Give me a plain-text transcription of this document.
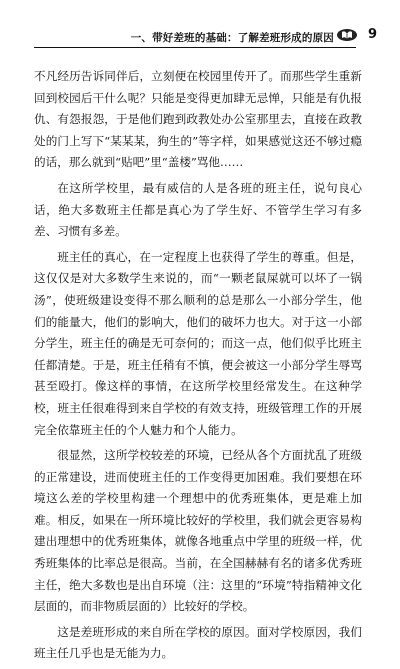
一、带好差班的基础：了解差班形成的原因	9

不凡经历告诉同伴后，立刻便在校园里传开了。而那些学生重新回到校园后干什么呢？只能是变得更加肆无忌惮，只能是有仇报仇、有怨报怨，于是他们跑到政教处办公室那里去，直接在政教处的门上写下“某某某，狗生的”等字样，如果感觉这还不够过瘾的话，那么就到“贴吧”里“盖楼”骂他……

在这所学校里，最有威信的人是各班的班主任，说句良心话，绝大多数班主任都是真心为了学生好、不管学生学习有多差、习惯有多差。

班主任的真心，在一定程度上也获得了学生的尊重。但是，这仅仅是对大多数学生来说的，而“一颗老鼠屎就可以坏了一锅汤”，使班级建设变得不那么顺利的总是那么一小部分学生，他们的能量大，他们的影响大，他们的破坏力也大。对于这一小部分学生，班主任的确是无可奈何的；而这一点，他们似乎比班主任都清楚。于是，班主任稍有不慎，便会被这一小部分学生辱骂甚至殴打。像这样的事情，在这所学校里经常发生。在这种学校，班主任很难得到来自学校的有效支持，班级管理工作的开展完全依靠班主任的个人魅力和个人能力。

很显然，这所学校较差的环境，已经从各个方面扰乱了班级的正常建设，进而使班主任的工作变得更加困难。我们要想在环境这么差的学校里构建一个理想中的优秀班集体，更是难上加难。相反，如果在一所环境比较好的学校里，我们就会更容易构建出理想中的优秀班集体，就像各地重点中学里的班级一样，优秀班集体的比率总是很高。当前，在全国赫赫有名的诸多优秀班主任，绝大多数也是出自环境（注：这里的“环境”特指精神文化层面的，而非物质层面的）比较好的学校。

这是差班形成的来自所在学校的原因。面对学校原因，我们班主任几乎也是无能为力。
